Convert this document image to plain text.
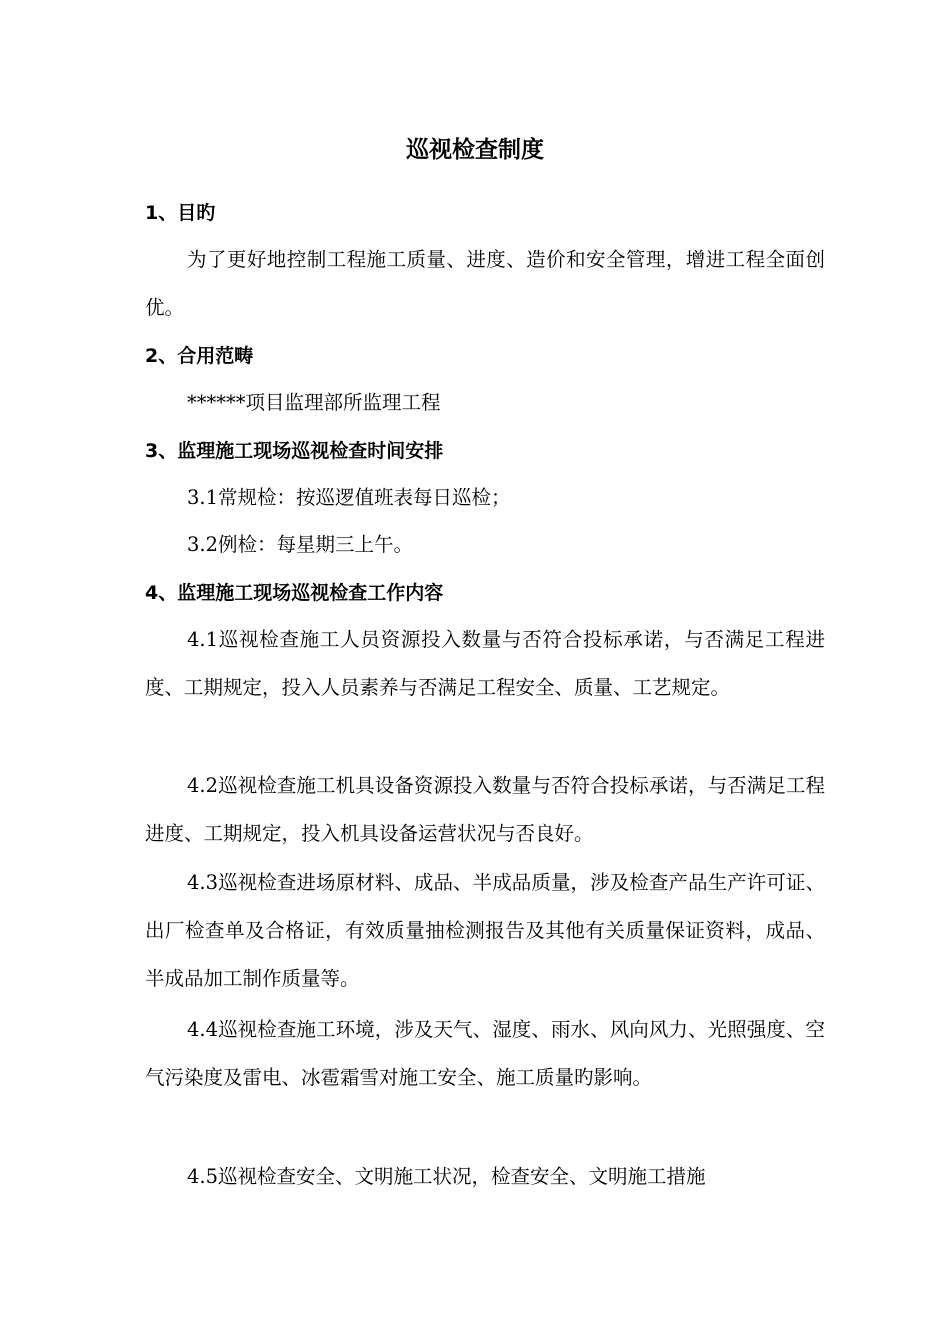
巡视检查制度
1、目旳

为了更好地控制工程施工质量、进度、造价和安全管理，增进工程全面创优。

2、合用范畴

******项目监理部所监理工程

3、监理施工现场巡视检查时间安排

3.1常规检：按巡逻值班表每日巡检；

3.2例检：每星期三上午。

4、监理施工现场巡视检查工作内容

4.1巡视检查施工人员资源投入数量与否符合投标承诺，与否满足工程进度、工期规定，投入人员素养与否满足工程安全、质量、工艺规定。

4.2巡视检查施工机具设备资源投入数量与否符合投标承诺，与否满足工程进度、工期规定，投入机具设备运营状况与否良好。

4.3巡视检查进场原材料、成品、半成品质量，涉及检查产品生产许可证、出厂检查单及合格证，有效质量抽检测报告及其他有关质量保证资料，成品、半成品加工制作质量等。

4.4巡视检查施工环境，涉及天气、湿度、雨水、风向风力、光照强度、空气污染度及雷电、冰雹霜雪对施工安全、施工质量旳影响。

4.5巡视检查安全、文明施工状况，检查安全、文明施工措施
